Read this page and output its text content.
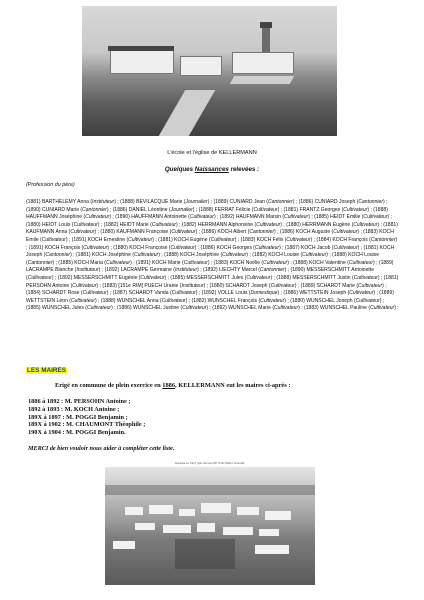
L'école et l'église de KELLERMANN
Quelques Naissances relevées :
(Profession du père)
(1881) BARTHELEMY Anna (Instituteur) ; (1888) BEVILACQUE Marie (Journalier) ; (1889) CUNIARD Jean (Cantonnier) ; (1886) CUNIARD Joseph (Cantonnier) ; (1890) CUNIARD Marie (Cantonnier) ; (1886) DANIEL Léontine (Journalier) ; (1888) FERRAT Félicie (Cultivateur) ; (1881) FRANTZ Georges (Cultivateur) ; (1888) HAUFFMANN Joséphine (Cultivateur) ; (1890) HAUFFMANN Antoinette (Cultivateur) ; (1892) HAUFMANN Marsin (Cultivateur) ; (1885) HEIDT Emilie (Cultivateur) ; (1880) HEIDT Louis (Cultivateur) ; (1882) HEIDT Marie (Cultivateur) ; (1882) HERRMANN Alphonsine (Cultivateur) ; (1880) HERRMANN Eugène (Cultivateur) ; (1881) KAUFMANN Anna (Cultivateur) ; (1880) KAUFMANN Françoise (Cultivateur) ; (1886) KOCH Albert (Cantonnier) ; (1886) KOCH Auguste (Cultivateur) ; (1883) KOCH Emile (Cultivateur) ; (1891) KOCH Ernestine (Cultivateur) ; (1881) KOCH Eugène (Cultivateur) ; (1883) KOCH Félix (Cultivateur) ; (1884) KOCH François (Cantonnier) ; (1891) KOCH François (Cultivateur) ; (1880) KOCH Françoise (Cultivateur) ; (1886) KOCH Georges (Cultivateur) ; (1887) KOCH Jacob (Cultivateur) ; (1881) KOCH Joseph (Cantonnier) ; (1881) KOCH Joséphine (Cultivateur) ; (1888) KOCH Joséphine (Cultivateur) ; (1882) KOCH Louise (Cultivateur) ; (1888) KOCH Louise (Cantonnier) ; (1885) KOCH Maria (Cultivateur) ; (1891) KOCH Marie (Cultivateur) ; (1883) KOCH Noëlie (Cultivateur) ; (1888) KOCH Valentine (Cultivateur) ; (1889) LACRAMPE Blanche (Instituteur) ; (1892) LACRAMPE Germaine (Instituteur) ; (1892) LIECHTY Marcel (Cantonnier) ; (1890) MESSERSCHMITT Antoinette (Cultivateur) ; (1892) MESSERSCHMITT Eugénie (Cultivateur) ; (1885) MESSERSCHMITT Jules (Cultivateur) ; (1888) MESSERSCHMITT Justin (Cultivateur) ; (1881) PERSOHN Antoine (Cultivateur) ; (1883) [151e RIM] PUECH Uranie (Instituteur) ; (1880) SCHARDT Joseph (Cultivateur) ; (1889) SCHARDT Marie (Cultivateur) ; (1884) SCHARDT Rose (Cultivateur) ; (1887) SCHARDT Vanda (Cultivateur) ; (1892) VOLLE Louis (Domestique) ; (1886) WETTSTEIN Joseph (Cultivateur) ; (1889) WETTSTEIN Léon (Cultivateur) ; (1888) WUNSCHEL Anna (Cultivateur) ; (1882) WUNSCHEL François (Cultivateur) ; (1880) WUNSCHEL Joseph (Cultivateur) ; (1885) WUNSCHEL Jules (Cultivateur) ; (1886) WUNSCHEL Justine (Cultivateur) ; (1892) WUNSCHEL Marie (Cultivateur) ; (1883) WUNSCHEL Pauline (Cultivateur) ;
LES MAIRES
Erigé en commune de plein exercice en 1886, KELLERMANN eut les maires ci-après :
1886 à 1892 : M. PERSOHN Antoine ;
1892 à 1893 : M. KOCH Antoine ;
189X à 1897 : M. POGGI Benjamin ;
189X à 1902 : M. CHAUMONT Théophile ;
190X à 1904 : M. POGGI Benjamin.
MERCI de bien vouloir nous aider à compléter cette liste.
Expédié en 1917 (par l'armée) Rif Tirrifi (Maroc Oriental)
